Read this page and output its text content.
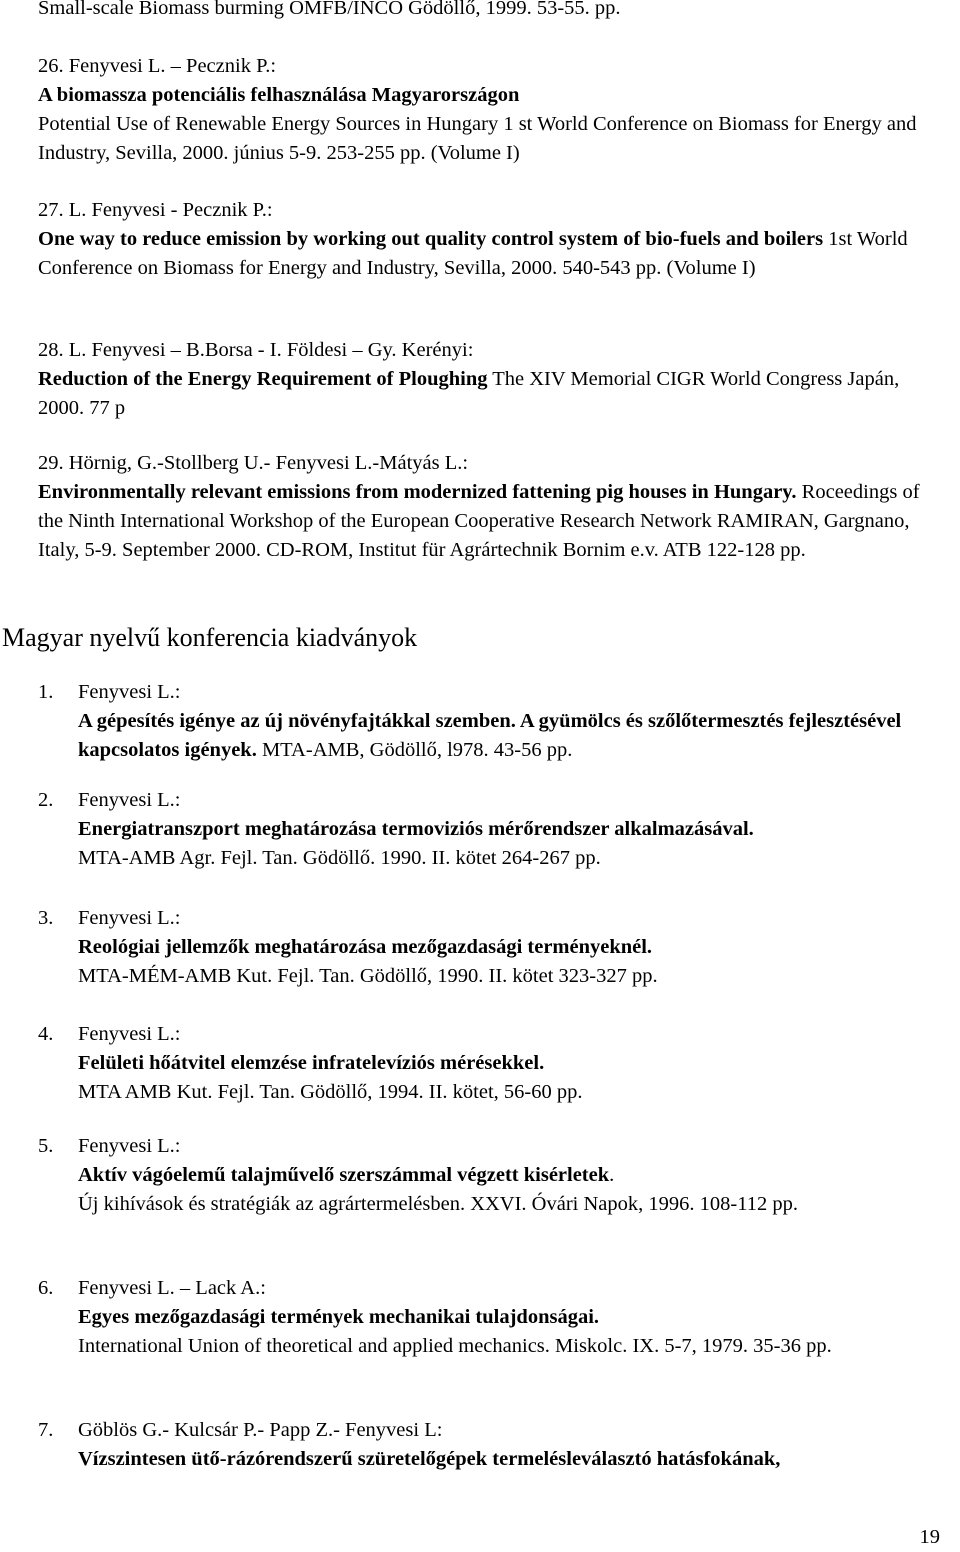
Small-scale Biomass burming OMFB/INCO Gödöllő, 1999. 53-55. pp.
26. Fenyvesi L. – Pecznik P.:
A biomassza potenciális felhasználása Magyarországon
Potential Use of Renewable Energy Sources in Hungary 1 st World Conference on Biomass for Energy and Industry, Sevilla, 2000. június 5-9. 253-255 pp. (Volume I)
27. L. Fenyvesi - Pecznik P.:
One way to reduce emission by working out quality control system of bio-fuels and boilers 1st World Conference on Biomass for Energy and Industry, Sevilla, 2000. 540-543 pp. (Volume I)
28. L. Fenyvesi – B.Borsa - I. Földesi – Gy. Kerényi:
Reduction of the Energy Requirement of Ploughing The XIV Memorial CIGR World Congress Japán, 2000. 77 p
29. Hörnig, G.-Stollberg U.- Fenyvesi L.-Mátyás L.:
Environmentally relevant emissions from modernized fattening pig houses in Hungary. Roceedings of the Ninth International Workshop of the European Cooperative Research Network RAMIRAN, Gargnano, Italy, 5-9. September 2000. CD-ROM, Institut für Agrártechnik Bornim e.v. ATB 122-128 pp.
Magyar nyelvű konferencia kiadványok
1. Fenyvesi L.:
A gépesítés igénye az új növényfajtákkal szemben. A gyümölcs és szőlőtermesztés fejlesztésével kapcsolatos igények. MTA-AMB, Gödöllő, l978. 43-56 pp.
2. Fenyvesi L.:
Energiatranszport meghatározása termoviziós mérőrendszer alkalmazásával.
MTA-AMB Agr. Fejl. Tan. Gödöllő. 1990. II. kötet 264-267 pp.
3. Fenyvesi L.:
Reológiai jellemzők meghatározása mezőgazdasági terményeknél.
MTA-MÉM-AMB Kut. Fejl. Tan. Gödöllő, 1990. II. kötet 323-327 pp.
4. Fenyvesi L.:
Felületi hőátvitel elemzése infratelevíziós mérésekkel.
MTA AMB Kut. Fejl. Tan. Gödöllő, 1994. II. kötet, 56-60 pp.
5. Fenyvesi L.:
Aktív vágóelemű talajművelő szerszámmal végzett kisérletek.
Új kihívások és stratégiák az agrártermelésben. XXVI. Óvári Napok, 1996. 108-112 pp.
6. Fenyvesi L. – Lack A.:
Egyes mezőgazdasági termények mechanikai tulajdonságai.
International Union of theoretical and applied mechanics. Miskolc. IX. 5-7, 1979. 35-36 pp.
7. Göblös G.- Kulcsár P.- Papp Z.- Fenyvesi L:
Vízszintesen ütő-rázórendszerű szüretelőgépek termelésleválasztó hatásfokának,
19
